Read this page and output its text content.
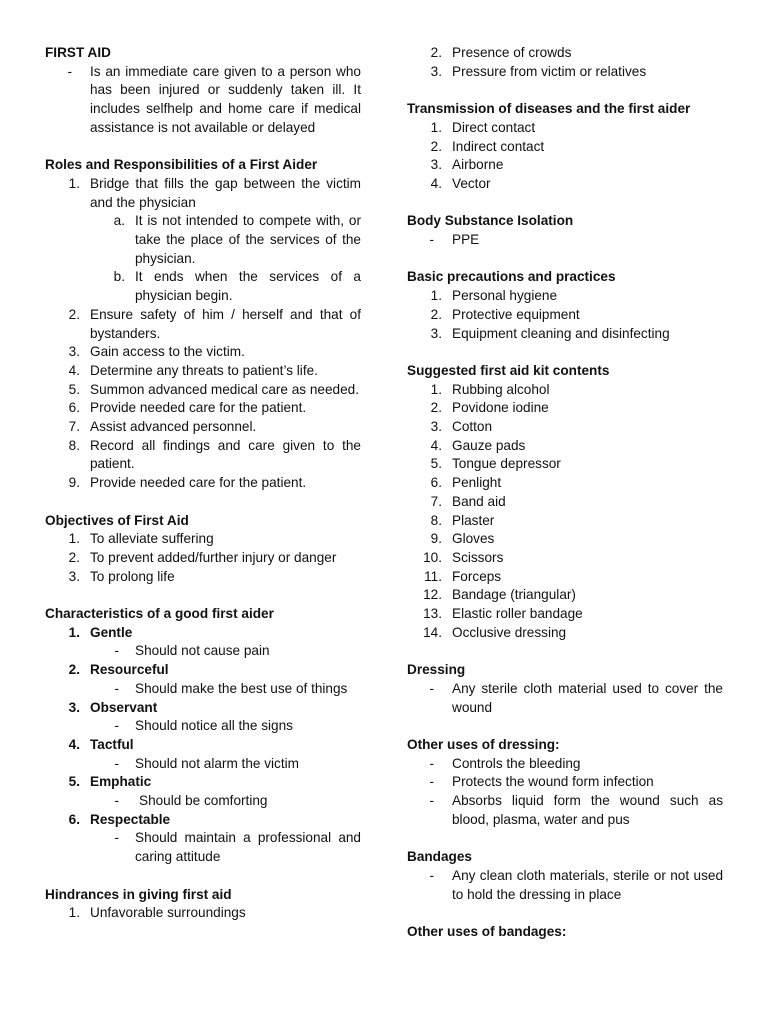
FIRST AID
- Is an immediate care given to a person who has been injured or suddenly taken ill. It includes selfhelp and home care if medical assistance is not available or delayed
Roles and Responsibilities of a First Aider
1. Bridge that fills the gap between the victim and the physician
a. It is not intended to compete with, or take the place of the services of the physician.
b. It ends when the services of a physician begin.
2. Ensure safety of him / herself and that of bystanders.
3. Gain access to the victim.
4. Determine any threats to patient’s life.
5. Summon advanced medical care as needed.
6. Provide needed care for the patient.
7. Assist advanced personnel.
8. Record all findings and care given to the patient.
9. Provide needed care for the patient.
Objectives of First Aid
1. To alleviate suffering
2. To prevent added/further injury or danger
3. To prolong life
Characteristics of a good first aider
1. Gentle
- Should not cause pain
2. Resourceful
- Should make the best use of things
3. Observant
- Should notice all the signs
4. Tactful
- Should not alarm the victim
5. Emphatic
- Should be comforting
6. Respectable
- Should maintain a professional and caring attitude
Hindrances in giving first aid
1. Unfavorable surroundings
2. Presence of crowds
3. Pressure from victim or relatives
Transmission of diseases and the first aider
1. Direct contact
2. Indirect contact
3. Airborne
4. Vector
Body Substance Isolation
- PPE
Basic precautions and practices
1. Personal hygiene
2. Protective equipment
3. Equipment cleaning and disinfecting
Suggested first aid kit contents
1. Rubbing alcohol
2. Povidone iodine
3. Cotton
4. Gauze pads
5. Tongue depressor
6. Penlight
7. Band aid
8. Plaster
9. Gloves
10. Scissors
11. Forceps
12. Bandage (triangular)
13. Elastic roller bandage
14. Occlusive dressing
Dressing
- Any sterile cloth material used to cover the wound
Other uses of dressing:
- Controls the bleeding
- Protects the wound form infection
- Absorbs liquid form the wound such as blood, plasma, water and pus
Bandages
- Any clean cloth materials, sterile or not used to hold the dressing in place
Other uses of bandages:
